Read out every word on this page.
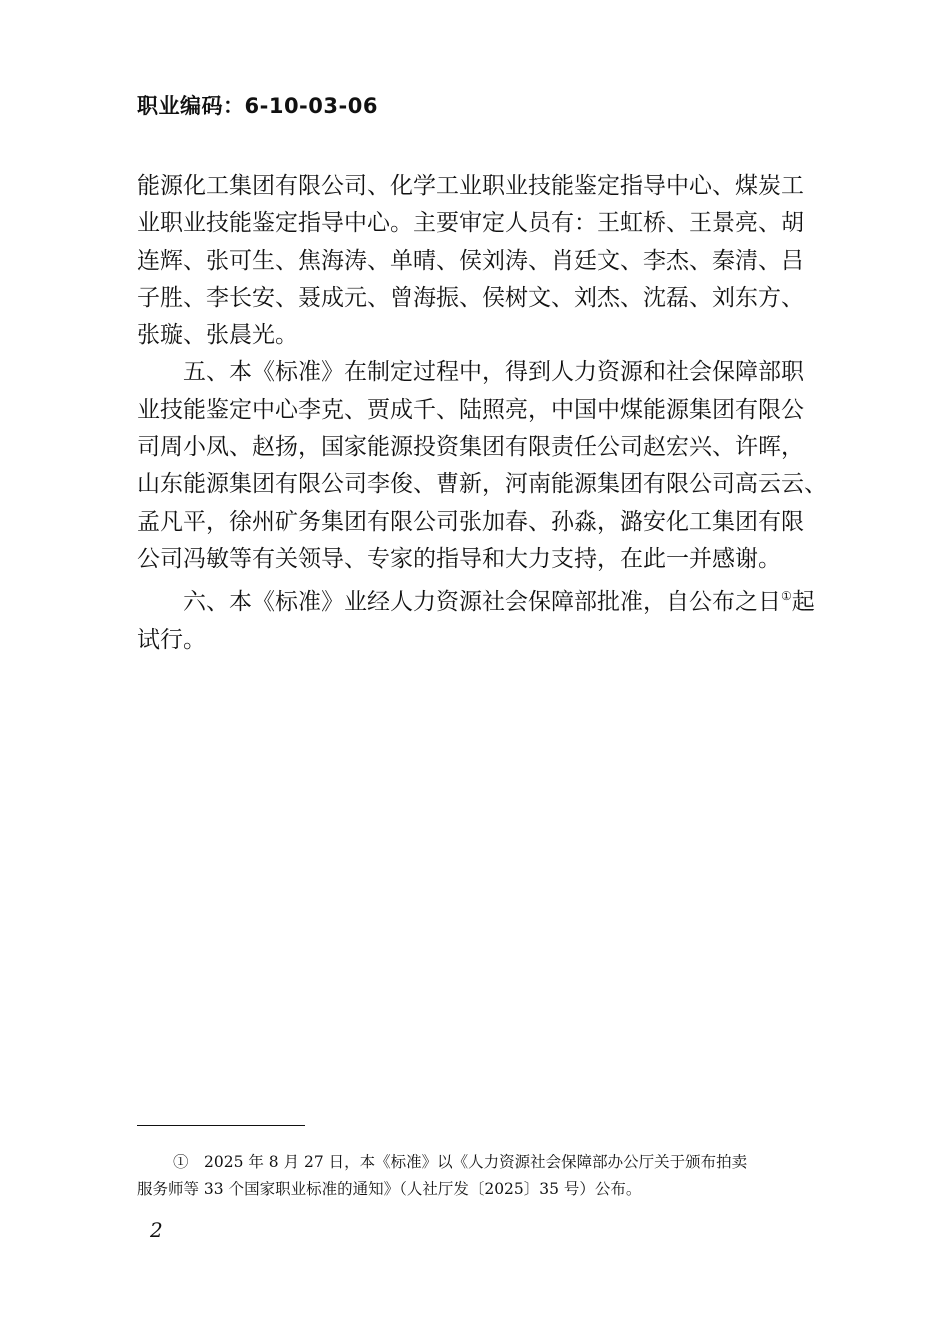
职业编码：6-10-03-06

能源化工集团有限公司、化学工业职业技能鉴定指导中心、煤炭工
业职业技能鉴定指导中心。主要审定人员有：王虹桥、王景亮、胡
连辉、张可生、焦海涛、单晴、侯刘涛、肖廷文、李杰、秦清、吕
子胜、李长安、聂成元、曾海振、侯树文、刘杰、沈磊、刘东方、
张璇、张晨光。

五、本《标准》在制定过程中，得到人力资源和社会保障部职
业技能鉴定中心李克、贾成千、陆照亮，中国中煤能源集团有限公
司周小凤、赵扬，国家能源投资集团有限责任公司赵宏兴、许晖，
山东能源集团有限公司李俊、曹新，河南能源集团有限公司高云云、
孟凡平，徐州矿务集团有限公司张加春、孙淼，潞安化工集团有限
公司冯敏等有关领导、专家的指导和大力支持，在此一并感谢。

六、本《标准》业经人力资源社会保障部批准，自公布之日①起
试行。

①　2025 年 8 月 27 日，本《标准》以《人力资源社会保障部办公厅关于颁布拍卖
服务师等 33 个国家职业标准的通知》（人社厅发〔2025〕35 号）公布。
2
